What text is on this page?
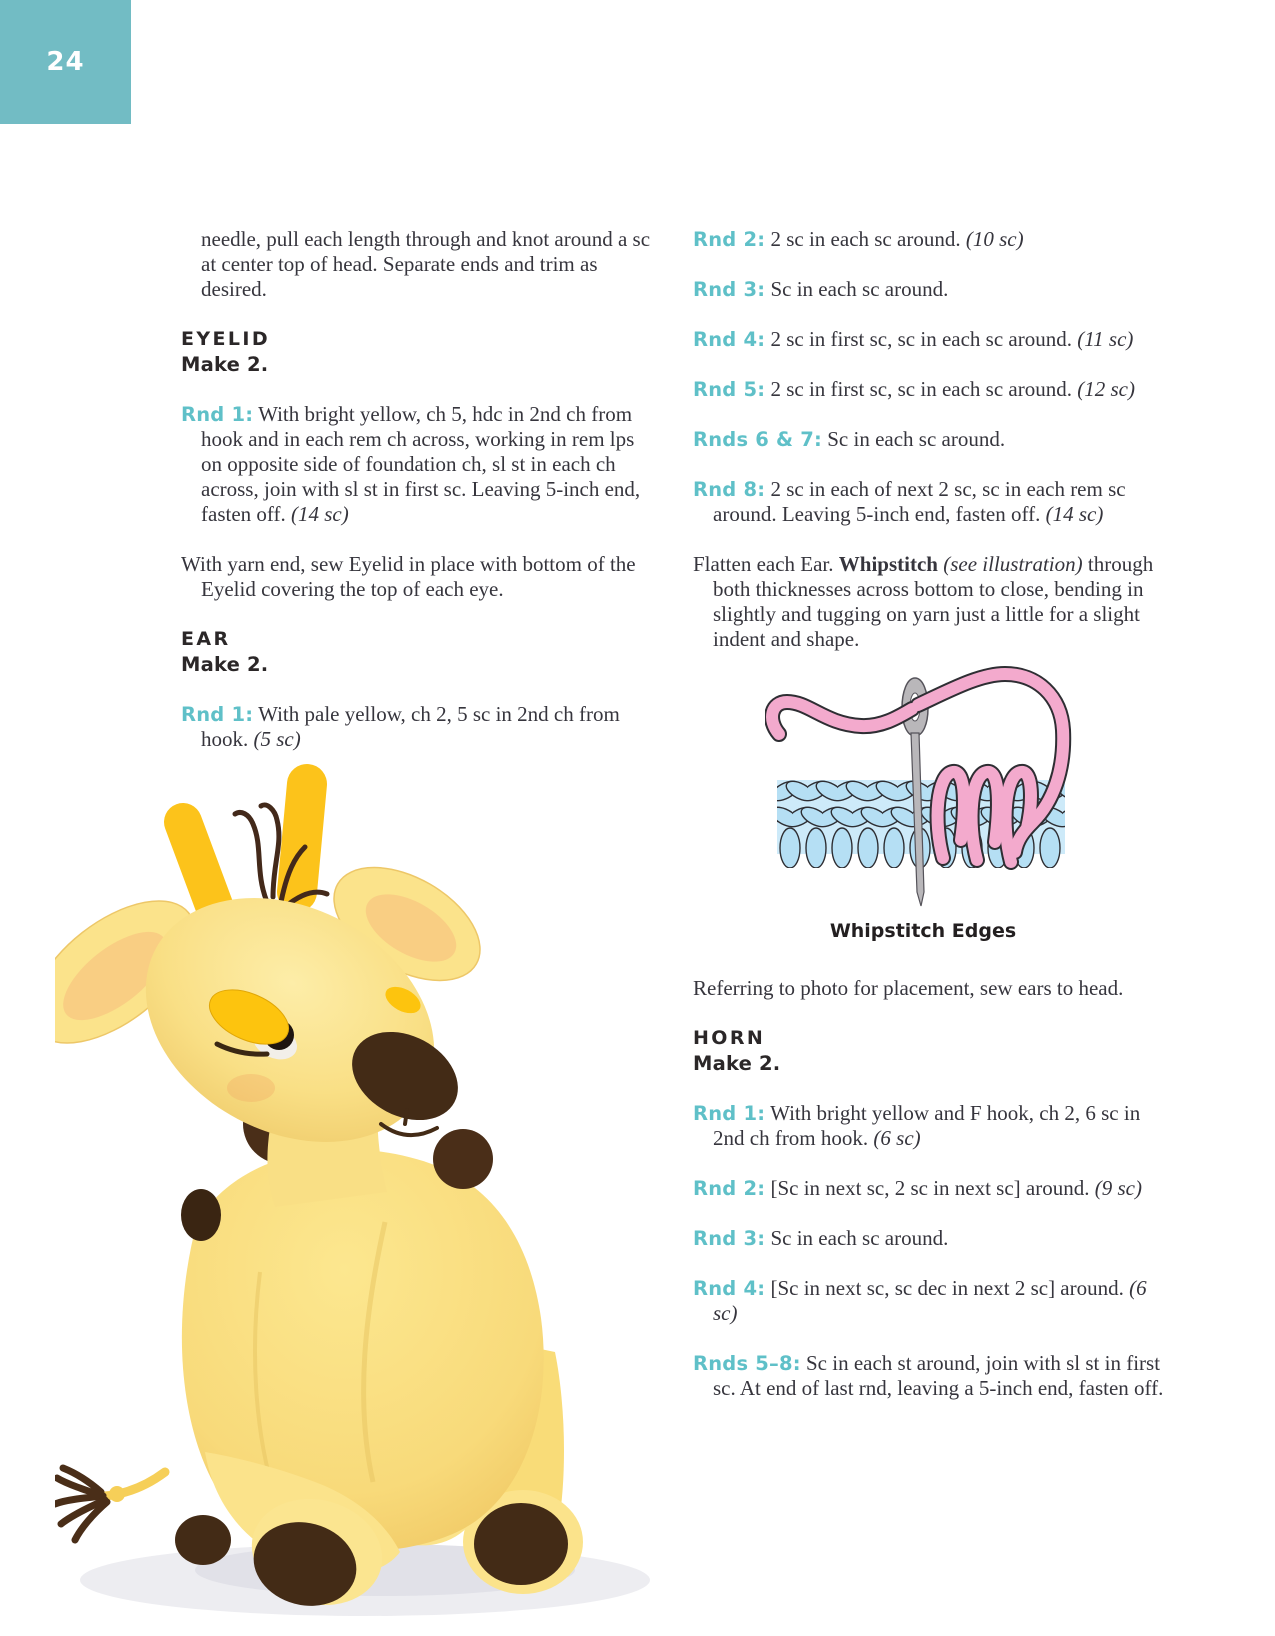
24

needle, pull each length through and knot around a sc at center top of head. Separate ends and trim as desired.

EYELID

Make 2.

Rnd 1: With bright yellow, ch 5, hdc in 2nd ch from hook and in each rem ch across, working in rem lps on opposite side of foundation ch, sl st in each ch across, join with sl st in first sc. Leaving 5-inch end, fasten off. (14 sc)

With yarn end, sew Eyelid in place with bottom of the Eyelid covering the top of each eye.

EAR

Make 2.

Rnd 1: With pale yellow, ch 2, 5 sc in 2nd ch from hook. (5 sc)

Rnd 2: 2 sc in each sc around. (10 sc)

Rnd 3: Sc in each sc around.

Rnd 4: 2 sc in first sc, sc in each sc around. (11 sc)

Rnd 5: 2 sc in first sc, sc in each sc around. (12 sc)

Rnds 6 & 7: Sc in each sc around.

Rnd 8: 2 sc in each of next 2 sc, sc in each rem sc around. Leaving 5-inch end, fasten off. (14 sc)

Flatten each Ear. Whipstitch (see illustration) through both thicknesses across bottom to close, bending in slightly and tugging on yarn just a little for a slight indent and shape.

Whipstitch Edges

Referring to photo for placement, sew ears to head.

HORN

Make 2.

Rnd 1: With bright yellow and F hook, ch 2, 6 sc in 2nd ch from hook. (6 sc)

Rnd 2: [Sc in next sc, 2 sc in next sc] around. (9 sc)

Rnd 3: Sc in each sc around.

Rnd 4: [Sc in next sc, sc dec in next 2 sc] around. (6 sc)

Rnds 5–8: Sc in each st around, join with sl st in first sc. At end of last rnd, leaving a 5-inch end, fasten off.
